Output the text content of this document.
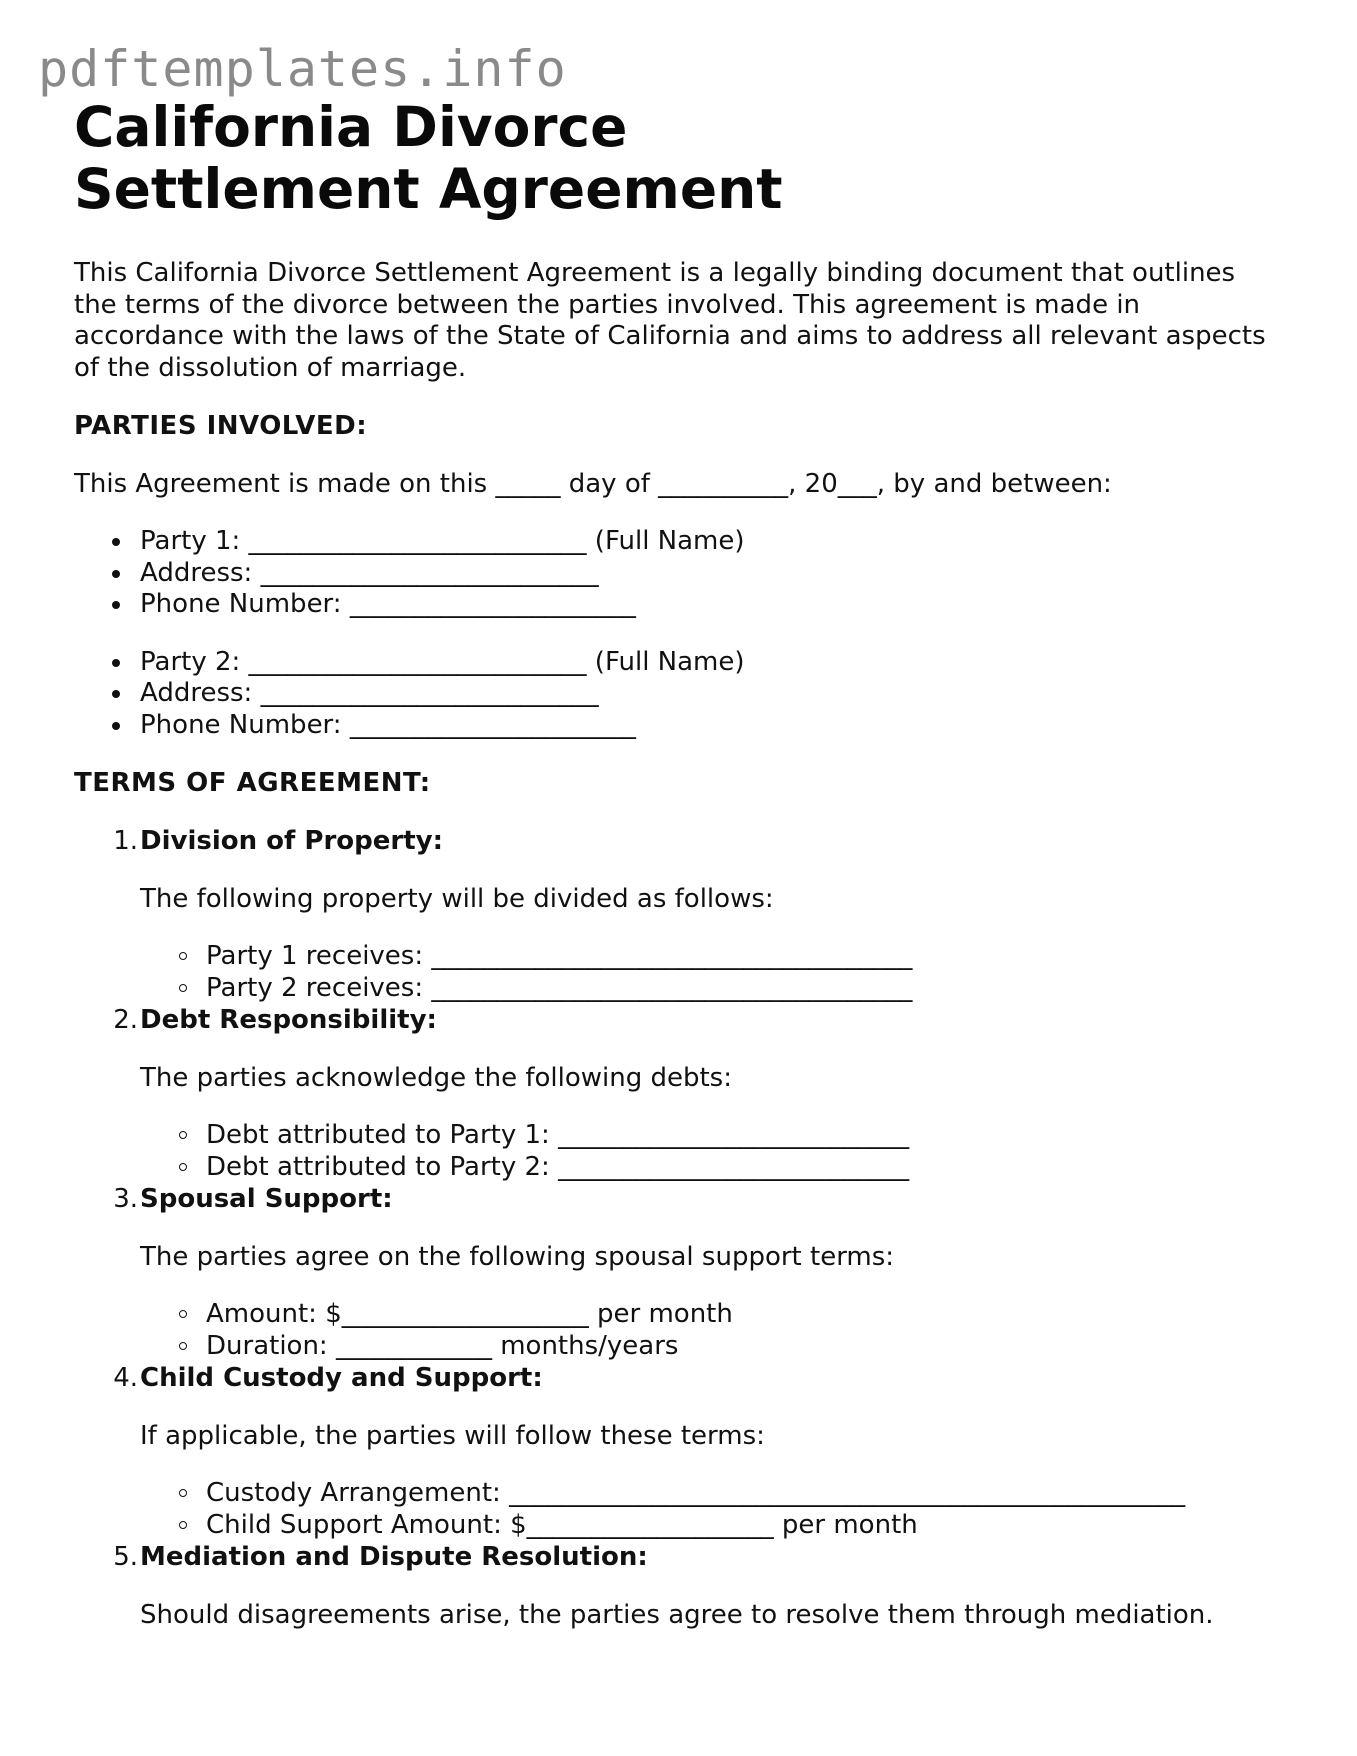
pdftemplates.info
California Divorce Settlement Agreement

This California Divorce Settlement Agreement is a legally binding document that outlines the terms of the divorce between the parties involved. This agreement is made in accordance with the laws of the State of California and aims to address all relevant aspects of the dissolution of marriage.

PARTIES INVOLVED:
This Agreement is made on this _____ day of __________, 20___, by and between:
Party 1: __________________________ (Full Name)
Address: __________________________
Phone Number: ______________________
Party 2: __________________________ (Full Name)
Address: __________________________
Phone Number: ______________________
TERMS OF AGREEMENT:
1. Division of Property:
The following property will be divided as follows:
Party 1 receives: _____________________________________
Party 2 receives: _____________________________________
2. Debt Responsibility:
The parties acknowledge the following debts:
Debt attributed to Party 1: ___________________________
Debt attributed to Party 2: ___________________________
3. Spousal Support:
The parties agree on the following spousal support terms:
Amount: $___________________ per month
Duration: ____________ months/years
4. Child Custody and Support:
If applicable, the parties will follow these terms:
Custody Arrangement: ____________________________________________________
Child Support Amount: $___________________ per month
5. Mediation and Dispute Resolution:
Should disagreements arise, the parties agree to resolve them through mediation.
